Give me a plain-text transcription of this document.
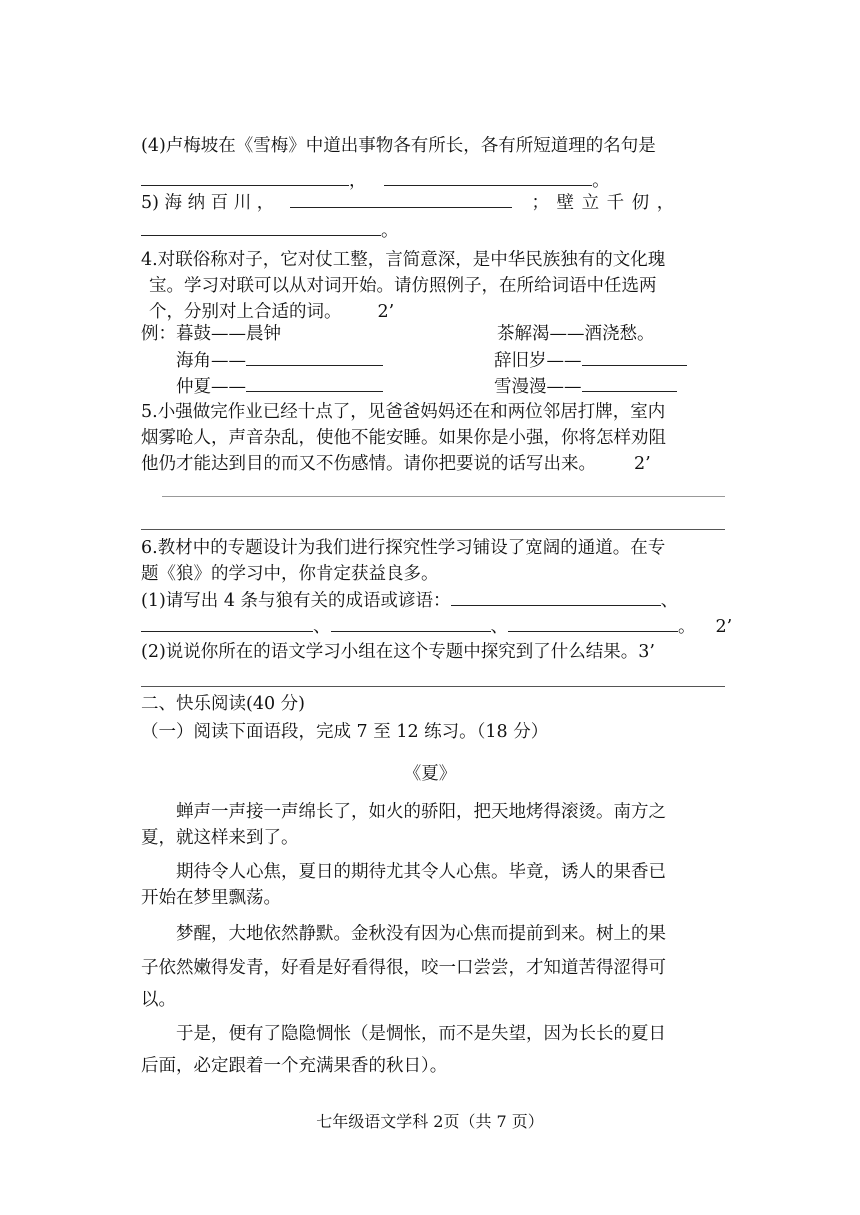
(4)卢梅坡在《雪梅》中道出事物各有所长，各有所短道理的名句是
，	。
5) 海 纳 百 川 ，	； 壁 立 千 仞 ，
。
4.对联俗称对子，它对仗工整，言简意深，是中华民族独有的文化瑰
宝。学习对联可以从对词开始。请仿照例子，在所给词语中任选两
个，分别对上合适的词。 2’
例：暮鼓——晨钟	茶解渴——酒浇愁。
海角——	辞旧岁——
仲夏——	雪漫漫——
5.小强做完作业已经十点了，见爸爸妈妈还在和两位邻居打牌，室内
烟雾呛人，声音杂乱，使他不能安睡。如果你是小强，你将怎样劝阻
他仍才能达到目的而又不伤感情。请你把要说的话写出来。 2’
6.教材中的专题设计为我们进行探究性学习铺设了宽阔的通道。在专
题《狼》的学习中，你肯定获益良多。
(1)请写出 4 条与狼有关的成语或谚语：	、
、	、	。 2’
(2)说说你所在的语文学习小组在这个专题中探究到了什么结果。3’
二、快乐阅读(40 分)
（一）阅读下面语段，完成 7 至 12 练习。（18 分）
《夏》
蝉声一声接一声绵长了，如火的骄阳，把天地烤得滚烫。南方之
夏，就这样来到了。
期待令人心焦，夏日的期待尤其令人心焦。毕竟，诱人的果香已
开始在梦里飘荡。
梦醒，大地依然静默。金秋没有因为心焦而提前到来。树上的果
子依然嫩得发青，好看是好看得很，咬一口尝尝，才知道苦得涩得可
以。
于是，便有了隐隐惆怅（是惆怅，而不是失望，因为长长的夏日
后面，必定跟着一个充满果香的秋日）。
七年级语文学科 2页（共 7 页）
